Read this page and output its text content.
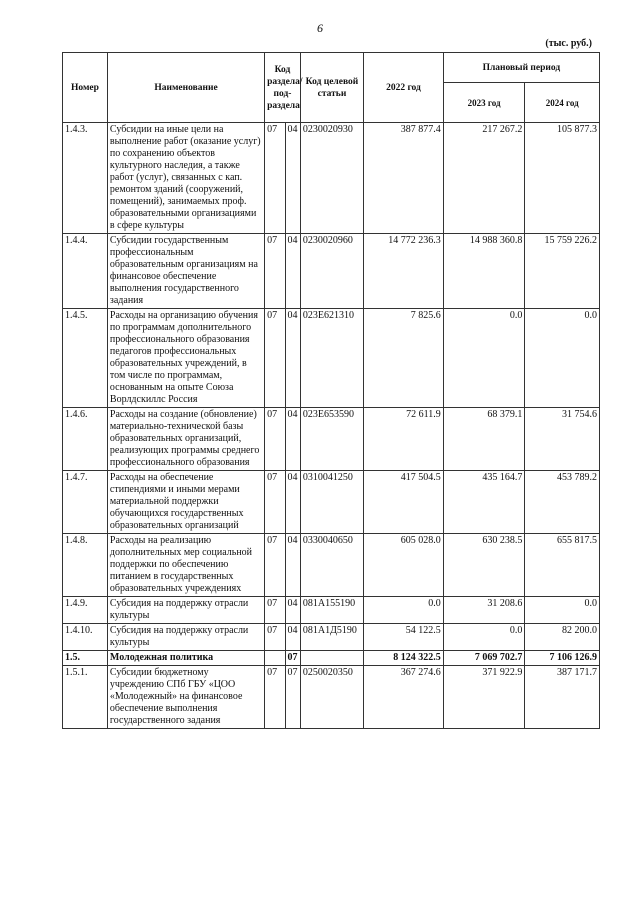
6
(тыс. руб.)
Номер	Наименование	Код раздела/ под-раздела		Код целевой статьи	2022 год	Плановый период	
						2023 год	2024 год
1.4.3.	Субсидии на иные цели на выполнение работ (оказание услуг) по сохранению объектов культурного наследия, а также работ (услуг), связанных с кап. ремонтом зданий (сооружений, помещений), занимаемых проф. образовательными организациями в сфере культуры	07	04	0230020930	387 877.4	217 267.2	105 877.3
1.4.4.	Субсидии государственным профессиональным образовательным организациям на финансовое обеспечение выполнения государственного задания	07	04	0230020960	14 772 236.3	14 988 360.8	15 759 226.2
1.4.5.	Расходы на организацию обучения по программам дополнительного профессионального образования педагогов профессиональных образовательных учреждений, в том числе по программам, основанным на опыте Союза Ворлдскиллс Россия	07	04	023Е621310	7 825.6	0.0	0.0
1.4.6.	Расходы на создание (обновление) материально-технической базы образовательных организаций, реализующих программы среднего профессионального образования	07	04	023Е653590	72 611.9	68 379.1	31 754.6
1.4.7.	Расходы на обеспечение стипендиями и иными мерами материальной поддержки обучающихся государственных образовательных организаций	07	04	0310041250	417 504.5	435 164.7	453 789.2
1.4.8.	Расходы на реализацию дополнительных мер социальной поддержки по обеспечению питанием в государственных образовательных учреждениях	07	04	0330040650	605 028.0	630 238.5	655 817.5
1.4.9.	Субсидия на поддержку отрасли культуры	07	04	081А155190	0.0	31 208.6	0.0
1.4.10.	Субсидия на поддержку отрасли культуры	07	04	081А1Д5190	54 122.5	0.0	82 200.0
1.5.	Молодежная политика		07		8 124 322.5	7 069 702.7	7 106 126.9
1.5.1.	Субсидии бюджетному учреждению СПб ГБУ «ЦОО «Молодежный» на финансовое обеспечение выполнения государственного задания	07	07	0250020350	367 274.6	371 922.9	387 171.7
